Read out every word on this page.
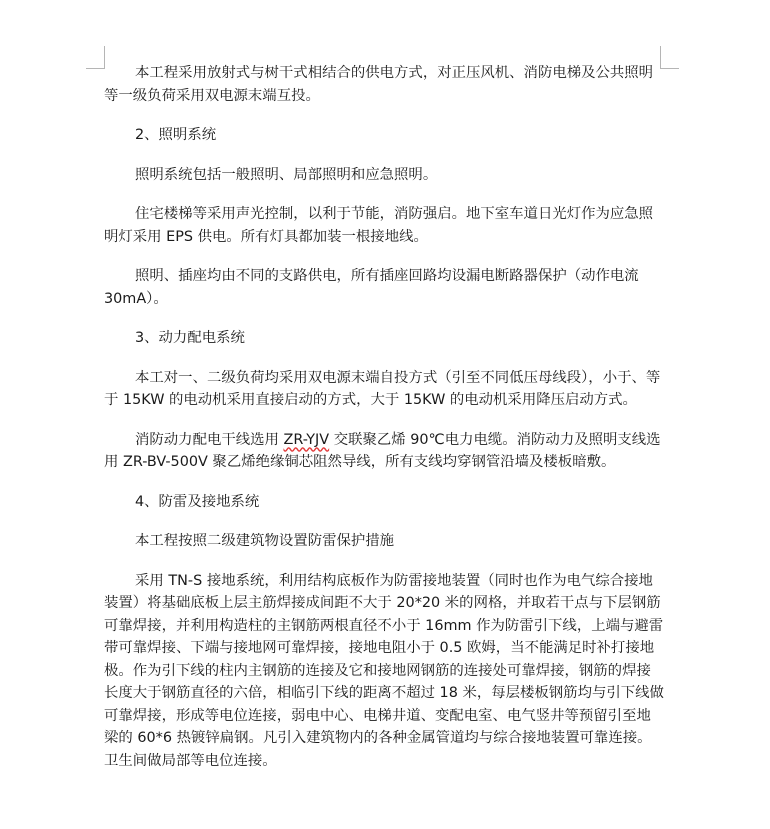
本工程采用放射式与树干式相结合的供电方式，对正压风机、消防电梯及公共照明等一级负荷采用双电源末端互投。

2、照明系统

照明系统包括一般照明、局部照明和应急照明。

住宅楼梯等采用声光控制，以利于节能，消防强启。地下室车道日光灯作为应急照明灯采用 EPS 供电。所有灯具都加装一根接地线。

照明、插座均由不同的支路供电，所有插座回路均设漏电断路器保护（动作电流 30mA）。

3、动力配电系统

本工对一、二级负荷均采用双电源末端自投方式（引至不同低压母线段），小于、等于 15KW 的电动机采用直接启动的方式，大于 15KW 的电动机采用降压启动方式。

消防动力配电干线选用 ZR-YJV 交联聚乙烯 90℃电力电缆。消防动力及照明支线选用 ZR-BV-500V 聚乙烯绝缘铜芯阻然导线，所有支线均穿钢管沿墙及楼板暗敷。

4、防雷及接地系统

本工程按照二级建筑物设置防雷保护措施

采用 TN-S 接地系统，利用结构底板作为防雷接地装置（同时也作为电气综合接地装置）将基础底板上层主筋焊接成间距不大于 20*20 米的网格，并取若干点与下层钢筋可靠焊接，并利用构造柱的主钢筋两根直径不小于 16mm 作为防雷引下线，上端与避雷带可靠焊接、下端与接地网可靠焊接，接地电阻小于 0.5 欧姆，当不能满足时补打接地极。作为引下线的柱内主钢筋的连接及它和接地网钢筋的连接处可靠焊接，钢筋的焊接长度大于钢筋直径的六倍，相临引下线的距离不超过 18 米，每层楼板钢筋均与引下线做可靠焊接，形成等电位连接，弱电中心、电梯井道、变配电室、电气竖井等预留引至地梁的 60*6 热镀锌扁钢。凡引入建筑物内的各种金属管道均与综合接地装置可靠连接。卫生间做局部等电位连接。
